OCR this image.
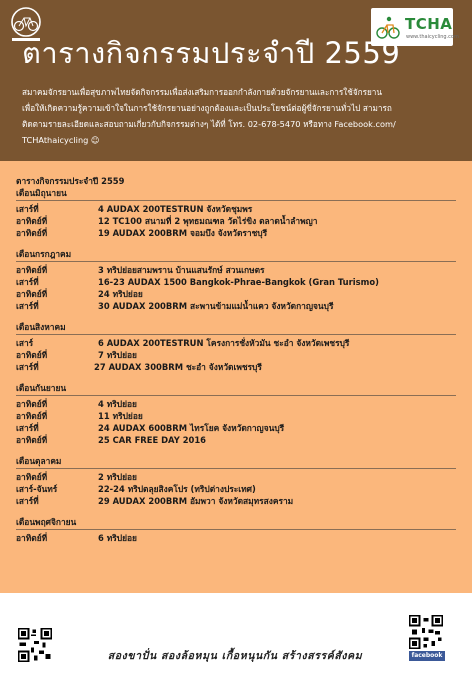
TCHA
www.thaicycling.com
ตารางกิจกรรมประจำปี 2559
สมาคมจักรยานเพื่อสุขภาพไทยจัดกิจกรรมเพื่อส่งเสริมการออกกำลังกายด้วยจักรยานและการใช้จักรยาน
เพื่อให้เกิดความรู้ความเข้าใจในการใช้จักรยานอย่างถูกต้องและเป็นประโยชน์ต่อผู้ขี่จักรยานทั่วไป สามารถ
ติดตามรายละเอียดและสอบถามเกี่ยวกับกิจกรรมต่างๆ ได้ที่ โทร. 02-678-5470 หรือทาง Facebook.com/
TCHAthaicycling ☺
ตารางกิจกรรมประจำปี 2559
เดือนมิถุนายน
เสาร์ที่	4 AUDAX 200TESTRUN จังหวัดชุมพร
อาทิตย์ที่	12 TC100 สนามที่ 2 พุทธมณฑล วัดไร่ขิง ตลาดน้ำลำพญา
อาทิตย์ที่	19 AUDAX 200BRM จอมบึง จังหวัดราชบุรี
เดือนกรกฎาคม
อาทิตย์ที่	3 ทริปย่อยสามพราน บ้านแสนรักษ์ สวนเกษตร
เสาร์ที่	16-23 AUDAX 1500 Bangkok-Phrae-Bangkok (Gran Turismo)
อาทิตย์ที่	24 ทริปย่อย
เสาร์ที่	30 AUDAX 200BRM สะพานข้ามแม่น้ำแคว จังหวัดกาญจนบุรี
เดือนสิงหาคม
เสาร์	6 AUDAX 200TESTRUN โครงการชั่งหัวมัน ชะอำ จังหวัดเพชรบุรี
อาทิตย์ที่	7 ทริปย่อย
เสาร์ที่	27 AUDAX 300BRM ชะอำ จังหวัดเพชรบุรี
เดือนกันยายน
อาทิตย์ที่	4 ทริปย่อย
อาทิตย์ที่	11 ทริปย่อย
เสาร์ที่	24 AUDAX 600BRM ไทรโยค จังหวัดกาญจนบุรี
อาทิตย์ที่	25 CAR FREE DAY 2016
เดือนตุลาคม
อาทิตย์ที่	2 ทริปย่อย
เสาร์-จันทร์	22-24 ทริปตลุยสิงคโปร (ทริปต่างประเทศ)
เสาร์ที่	29 AUDAX 200BRM อัมพวา จังหวัดสมุทรสงคราม
เดือนพฤศจิกายน
อาทิตย์ที่	6 ทริปย่อย
facebook
สองขาปั่น สองล้อหมุน เกื้อหนุนกัน สร้างสรรค์สังคม
